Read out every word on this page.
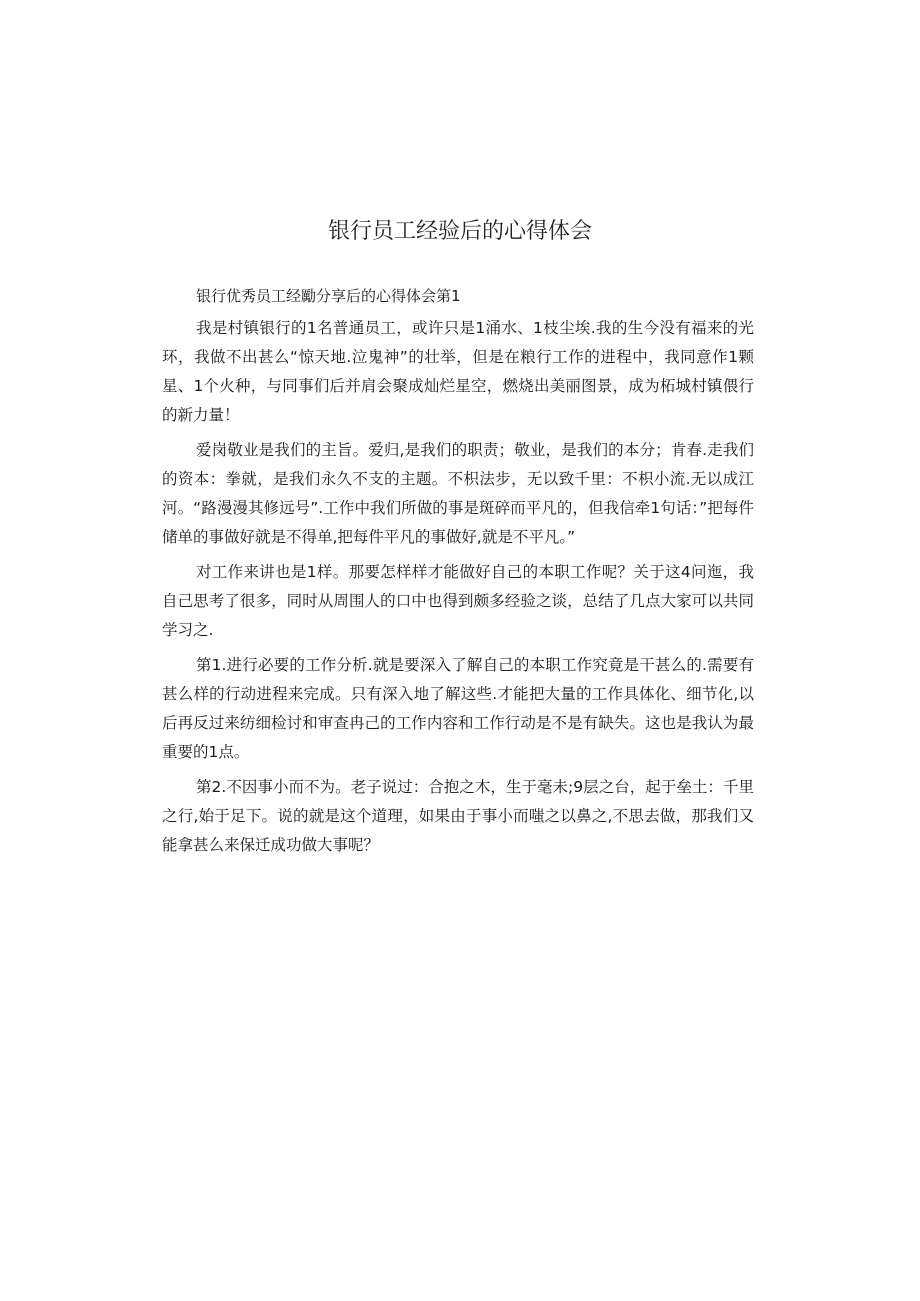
银行员工经验后的心得体会

银行优秀员工经勵分享后的心得体会第1

我是村镇银行的1名普通员工，或许只是1涌水、1枝尘埃.我的生今没有福来的光环，我做不出甚么“惊天地.泣鬼神”的壮举，但是在粮行工作的进程中，我同意作1颗星、1个火种，与同事们后并肩会聚成灿烂星空，燃烧出美丽图景，成为柘城村镇偎行的新力量！

爱岗敬业是我们的主旨。爱归,是我们的职责；敬业，是我们的本分；肯春.走我们的资本：拳就，是我们永久不支的主题。不枳法步，无以致千里：不枳小流.无以成江河。“路漫漫其修远号”.工作中我们所做的事是斑碎而平凡的，但我信牵1句话：”把每件储单的事做好就是不得单,把每件平凡的事做好,就是不平凡。”

对工作来讲也是1样。那要怎样样才能做好自己的本职工作呢？关于这4问迤，我自己思考了很多，同时从周围人的口中也得到颇多经验之谈，总结了几点大家可以共同学习之.

第1.进行必要的工作分析.就是要深入了解自己的本职工作究竟是干甚么的.需要有甚么样的行动进程来完成。只有深入地了解这些.才能把大量的工作具体化、细节化,以后再反过来纺细检讨和审查冉己的工作内容和工作行动是不是有缺失。这也是我认为最重要的1点。

第2.不因事小而不为。老子说过：合抱之木，生于毫未;9层之台，起于垒土：千里之行,始于足下。说的就是这个道理，如果由于事小而嗤之以鼻之,不思去做，那我们又能拿甚么来保迁成功做大事呢？
